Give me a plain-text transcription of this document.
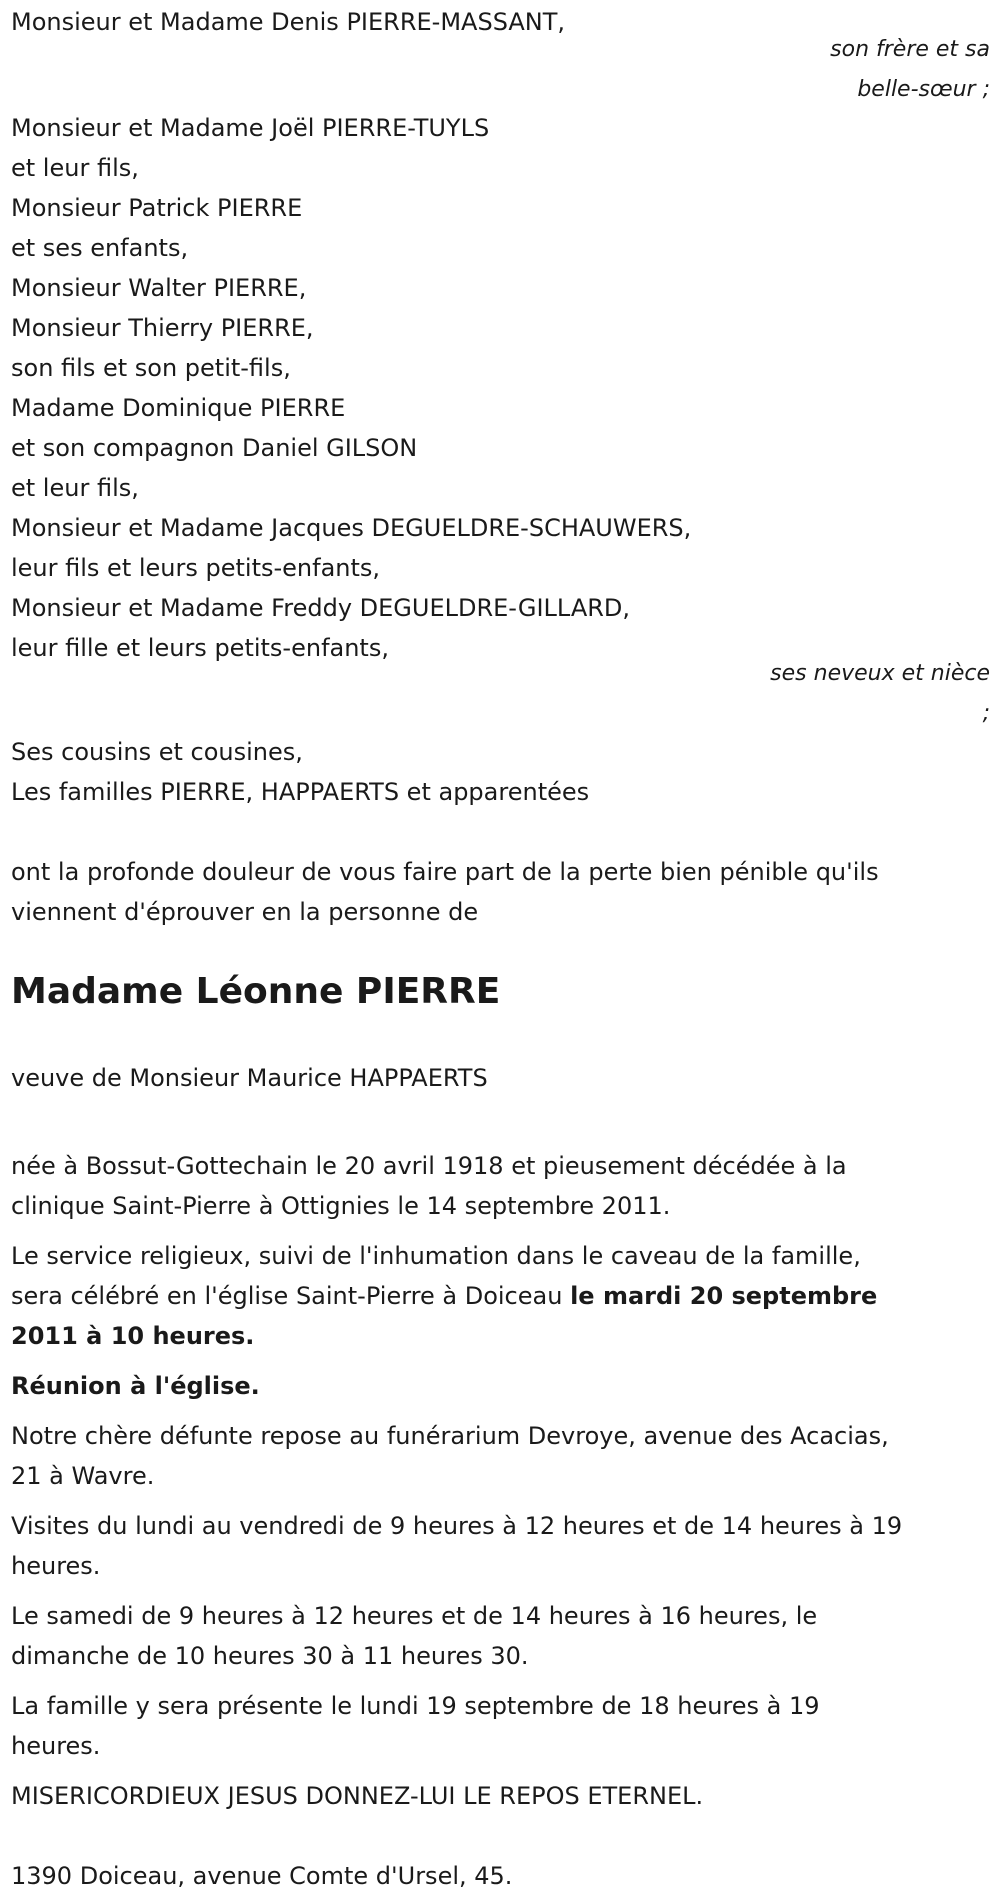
Monsieur et Madame Denis PIERRE-MASSANT,
son frère et sa
belle-sœur ;
Monsieur et Madame Joël PIERRE-TUYLS
et leur fils,
Monsieur Patrick PIERRE
et ses enfants,
Monsieur Walter PIERRE,
Monsieur Thierry PIERRE,
son fils et son petit-fils,
Madame Dominique PIERRE
et son compagnon Daniel GILSON
et leur fils,
Monsieur et Madame Jacques DEGUELDRE-SCHAUWERS,
leur fils et leurs petits-enfants,
Monsieur et Madame Freddy DEGUELDRE-GILLARD,
leur fille et leurs petits-enfants,
ses neveux et nièce
;
Ses cousins et cousines,
Les familles PIERRE, HAPPAERTS et apparentées
ont la profonde douleur de vous faire part de la perte bien pénible qu'ils
viennent d'éprouver en la personne de
Madame Léonne PIERRE
veuve de Monsieur Maurice HAPPAERTS
née à Bossut-Gottechain le 20 avril 1918 et pieusement décédée à la
clinique Saint-Pierre à Ottignies le 14 septembre 2011.
Le service religieux, suivi de l'inhumation dans le caveau de la famille,
sera célébré en l'église Saint-Pierre à Doiceau le mardi 20 septembre
2011 à 10 heures.
Réunion à l'église.
Notre chère défunte repose au funérarium Devroye, avenue des Acacias,
21 à Wavre.
Visites du lundi au vendredi de 9 heures à 12 heures et de 14 heures à 19
heures.
Le samedi de 9 heures à 12 heures et de 14 heures à 16 heures, le
dimanche de 10 heures 30 à 11 heures 30.
La famille y sera présente le lundi 19 septembre de 18 heures à 19
heures.
MISERICORDIEUX JESUS DONNEZ-LUI LE REPOS ETERNEL.
1390 Doiceau, avenue Comte d'Ursel, 45.
